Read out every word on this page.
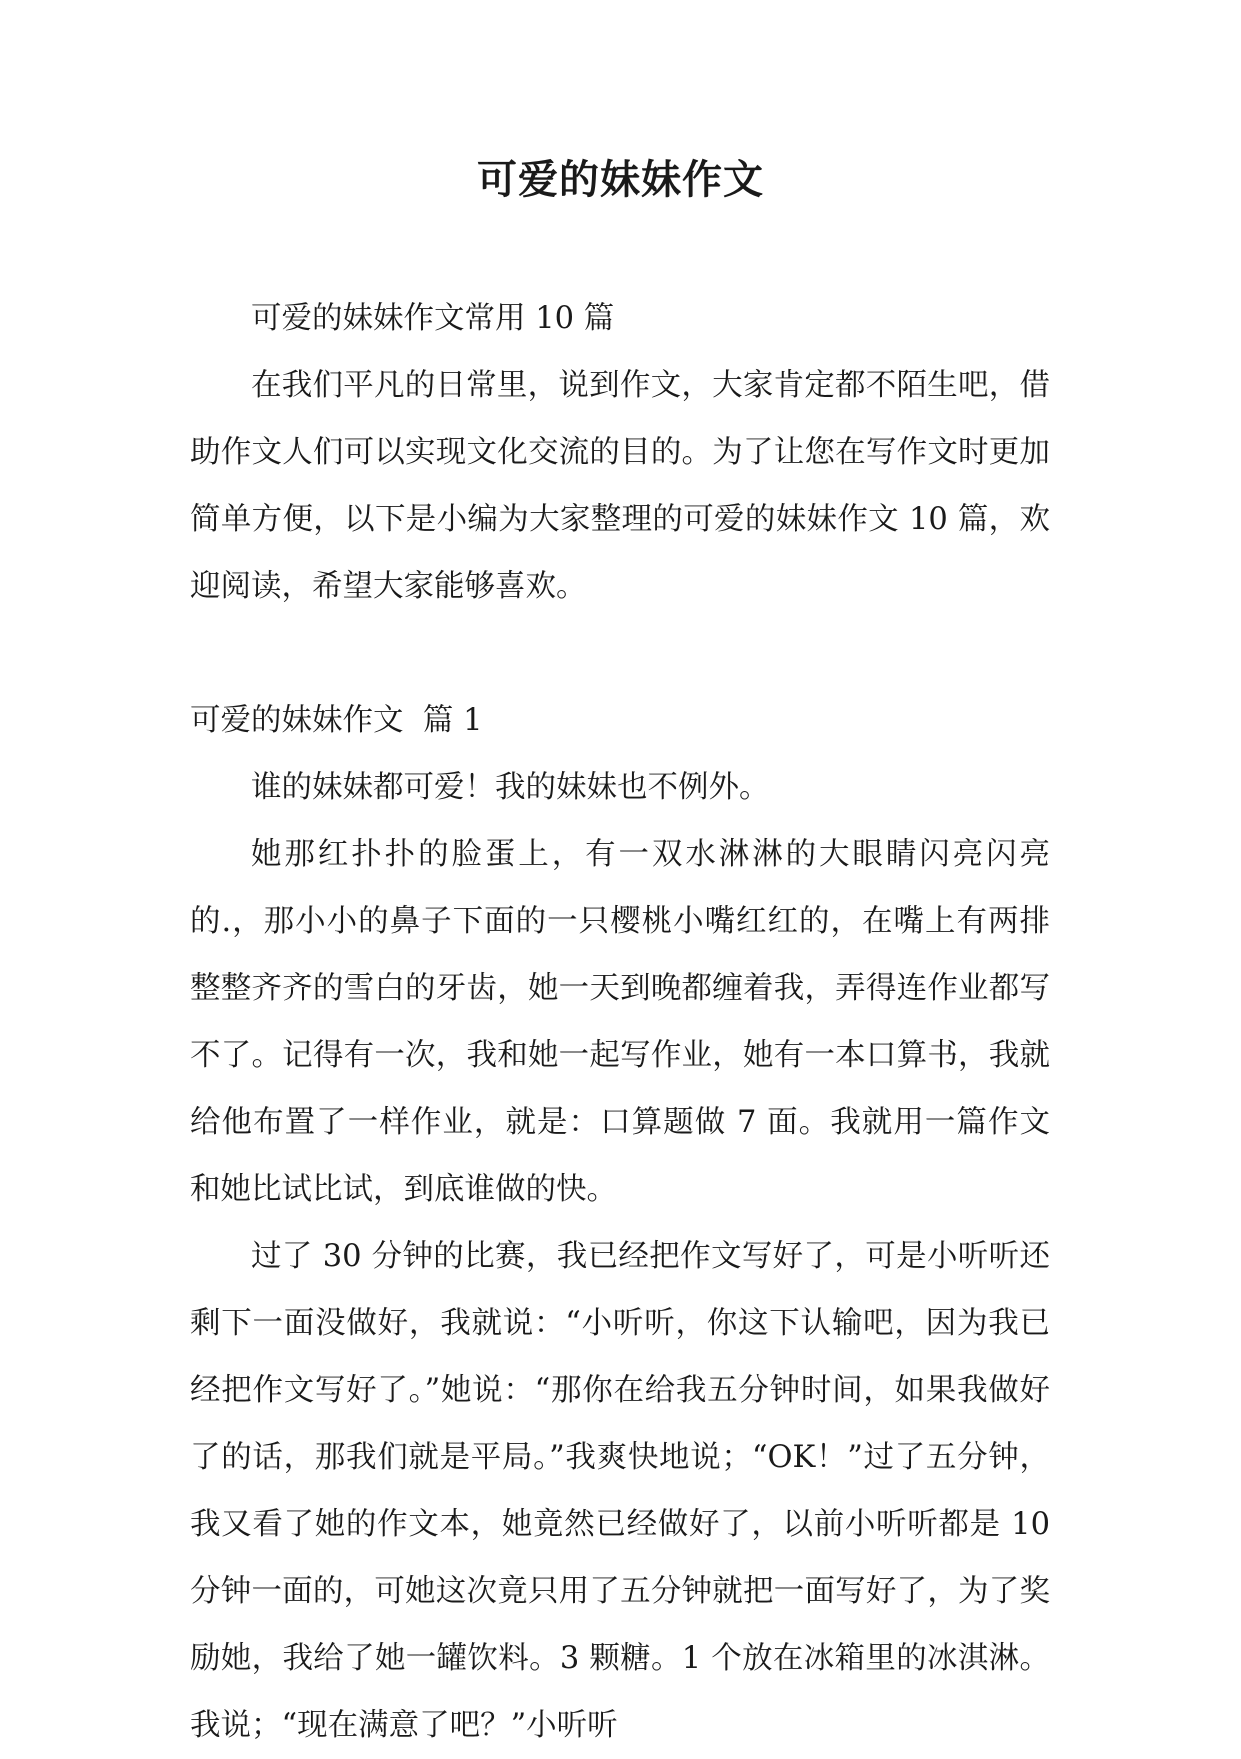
可爱的妹妹作文

可爱的妹妹作文常用 10 篇

在我们平凡的日常里，说到作文，大家肯定都不陌生吧，借助作文人们可以实现文化交流的目的。为了让您在写作文时更加简单方便，以下是小编为大家整理的可爱的妹妹作文 10 篇，欢迎阅读，希望大家能够喜欢。

可爱的妹妹作文  篇 1

谁的妹妹都可爱！我的妹妹也不例外。

她那红扑扑的脸蛋上，有一双水淋淋的大眼睛闪亮闪亮的.，那小小的鼻子下面的一只樱桃小嘴红红的，在嘴上有两排整整齐齐的雪白的牙齿，她一天到晚都缠着我，弄得连作业都写不了。记得有一次，我和她一起写作业，她有一本口算书，我就给他布置了一样作业，就是：口算题做 7 面。我就用一篇作文和她比试比试，到底谁做的快。

过了 30 分钟的比赛，我已经把作文写好了，可是小听听还剩下一面没做好，我就说：“小听听，你这下认输吧，因为我已经把作文写好了。”她说：“那你在给我五分钟时间，如果我做好了的话，那我们就是平局。”我爽快地说；“OK！”过了五分钟，我又看了她的作文本，她竟然已经做好了，以前小听听都是 10 分钟一面的，可她这次竟只用了五分钟就把一面写好了，为了奖励她，我给了她一罐饮料。3 颗糖。1 个放在冰箱里的冰淇淋。我说；“现在满意了吧？”小听听
